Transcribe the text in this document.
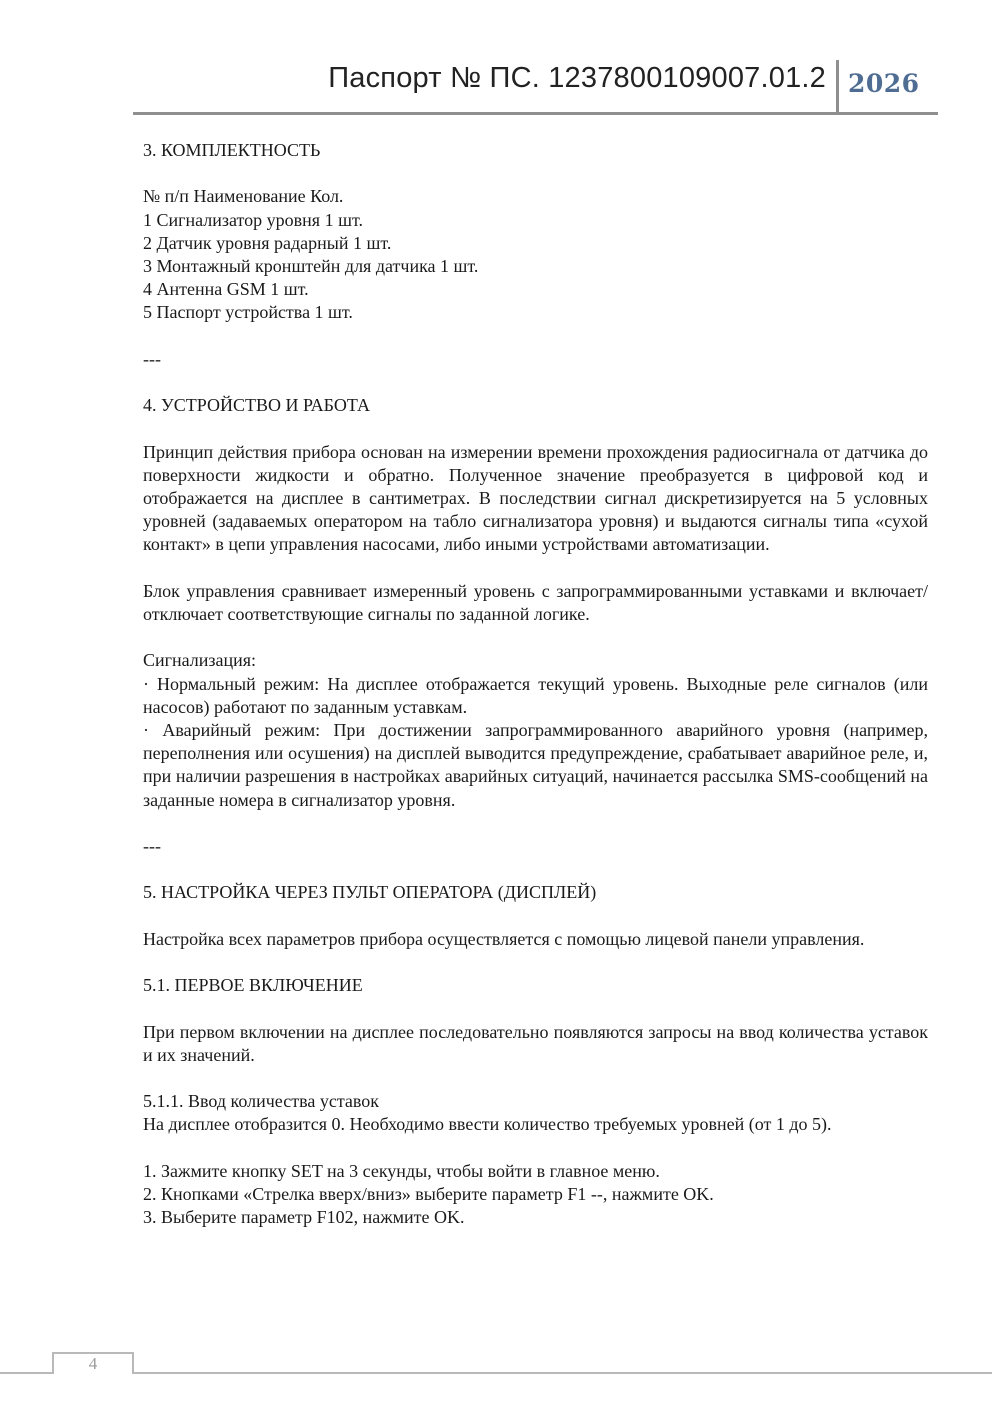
Паспорт № ПС. 1237800109007.01.2 2026

3. КОМПЛЕКТНОСТЬ

№ п/п Наименование Кол.

1 Сигнализатор уровня 1 шт.

2 Датчик уровня радарный 1 шт.

3 Монтажный кронштейн для датчика 1 шт.

4 Антенна GSM 1 шт.

5 Паспорт устройства 1 шт.

---

4. УСТРОЙСТВО И РАБОТА

Принцип действия прибора основан на измерении времени прохождения радиосигнала от датчика до поверхности жидкости и обратно. Полученное значение преобразуется в цифровой код и отображается на дисплее в сантиметрах. В последствии сигнал дискретизируется на 5 условных уровней (задаваемых оператором на табло сигнализатора уровня) и выдаются сигналы типа «сухой контакт» в цепи управления насосами, либо иными устройствами автоматизации.

Блок управления сравнивает измеренный уровень с запрограммированными уставками и включает/отключает соответствующие сигналы по заданной логике.

Сигнализация:

· Нормальный режим: На дисплее отображается текущий уровень. Выходные реле сигналов (или насосов) работают по заданным уставкам.

· Аварийный режим: При достижении запрограммированного аварийного уровня (например, переполнения или осушения) на дисплей выводится предупреждение, срабатывает аварийное реле, и, при наличии разрешения в настройках аварийных ситуаций, начинается рассылка SMS-сообщений на заданные номера в сигнализатор уровня.

---

5. НАСТРОЙКА ЧЕРЕЗ ПУЛЬТ ОПЕРАТОРА (ДИСПЛЕЙ)

Настройка всех параметров прибора осуществляется с помощью лицевой панели управления.

5.1. ПЕРВОЕ ВКЛЮЧЕНИЕ

При первом включении на дисплее последовательно появляются запросы на ввод количества уставок и их значений.

5.1.1. Ввод количества уставок

На дисплее отобразится 0. Необходимо ввести количество требуемых уровней (от 1 до 5).

1. Зажмите кнопку SET на 3 секунды, чтобы войти в главное меню.

2. Кнопками «Стрелка вверх/вниз» выберите параметр F1 --, нажмите OK.

3. Выберите параметр F102, нажмите OK.

4
